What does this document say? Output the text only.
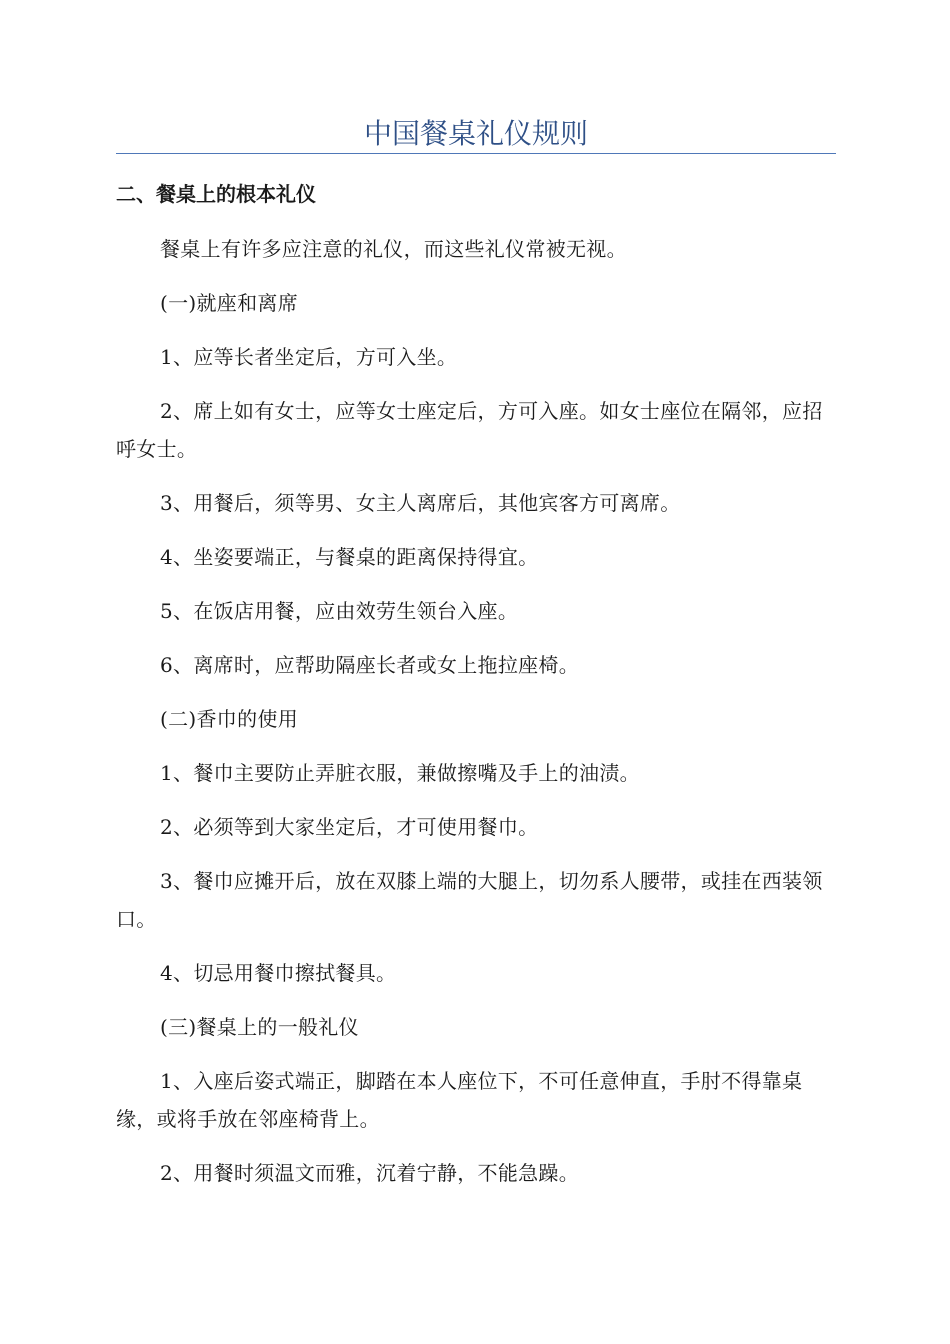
中国餐桌礼仪规则
二、餐桌上的根本礼仪

餐桌上有许多应注意的礼仪，而这些礼仪常被无视。

(一)就座和离席

1、应等长者坐定后，方可入坐。

2、席上如有女士，应等女士座定后，方可入座。如女士座位在隔邻，应招呼女士。

3、用餐后，须等男、女主人离席后，其他宾客方可离席。

4、坐姿要端正，与餐桌的距离保持得宜。

5、在饭店用餐，应由效劳生领台入座。

6、离席时，应帮助隔座长者或女上拖拉座椅。

(二)香巾的使用

1、餐巾主要防止弄脏衣服，兼做擦嘴及手上的油渍。

2、必须等到大家坐定后，才可使用餐巾。

3、餐巾应摊开后，放在双膝上端的大腿上，切勿系人腰带，或挂在西装领口。

4、切忌用餐巾擦拭餐具。

(三)餐桌上的一般礼仪

1、入座后姿式端正，脚踏在本人座位下，不可任意伸直，手肘不得靠桌缘，或将手放在邻座椅背上。

2、用餐时须温文而雅，沉着宁静，不能急躁。
